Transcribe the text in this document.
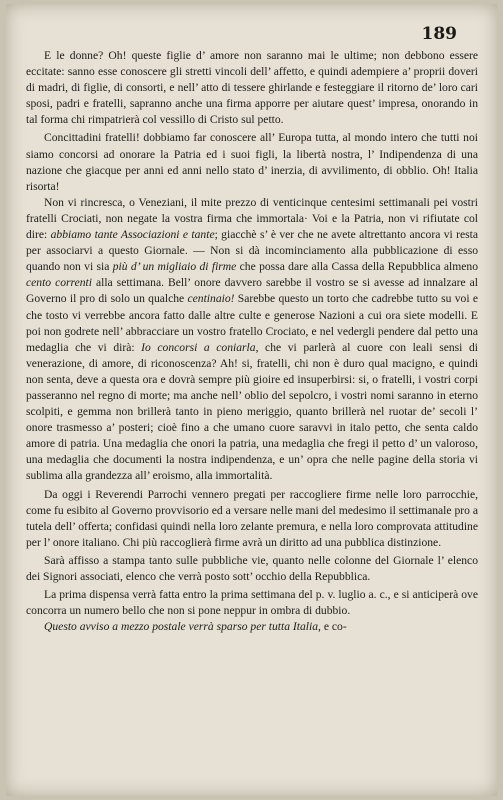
189

E le donne? Oh! queste figlie d’ amore non saranno mai le ultime; non debbono essere eccitate: sanno esse conoscere gli stretti vincoli dell’ affetto, e quindi adempiere a’ proprii doveri di madri, di figlie, di consorti, e nell’ atto di tessere ghirlande e festeggiare il ritorno de’ loro cari sposi, padri e fratelli, sapranno anche una firma apporre per aiutare quest’ impresa, onorando in tal forma chi rimpatrierà col vessillo di Cristo sul petto.

Concittadini fratelli! dobbiamo far conoscere all’ Europa tutta, al mondo intero che tutti noi siamo concorsi ad onorare la Patria ed i suoi figli, la libertà nostra, l’ Indipendenza di una nazione che giacque per anni ed anni nello stato d’ inerzia, di avvilimento, di obblio. Oh! Italia risorta!

Non vi rincresca, o Veneziani, il mite prezzo di venticinque centesimi settimanali pei vostri fratelli Crociati, non negate la vostra firma che immortala· Voi e la Patria, non vi rifiutate col dire: abbiamo tante Associazioni e tante; giacchè s’ è ver che ne avete altrettanto ancora vi resta per associarvi a questo Giornale. — Non si dà incominciamento alla pubblicazione di esso quando non vi sia più d’ un migliaio di firme che possa dare alla Cassa della Repubblica almeno cento correnti alla settimana. Bell’ onore davvero sarebbe il vostro se si avesse ad innalzare al Governo il pro di solo un qualche centinaio! Sarebbe questo un torto che cadrebbe tutto su voi e che tosto vi verrebbe ancora fatto dalle altre culte e generose Nazioni a cui ora siete modelli. E poi non godrete nell’ abbracciare un vostro fratello Crociato, e nel vedergli pendere dal petto una medaglia che vi dirà: Io concorsi a coniarla, che vi parlerà al cuore con leali sensi di venerazione, di amore, di riconoscenza? Ah! si, fratelli, chi non è duro qual macigno, e quindi non senta, deve a questa ora e dovrà sempre più gioire ed insuperbirsi: si, o fratelli, i vostri corpi passeranno nel regno di morte; ma anche nell’ oblio del sepolcro, i vostri nomi saranno in eterno scolpiti, e gemma non brillerà tanto in pieno meriggio, quanto brillerà nel ruotar de’ secoli l’ onore trasmesso a’ posteri; cioè fino a che umano cuore saravvi in italo petto, che senta caldo amore di patria. Una medaglia che onori la patria, una medaglia che fregi il petto d’ un valoroso, una medaglia che documenti la nostra indipendenza, e un’ opra che nelle pagine della storia vi sublima alla grandezza all’ eroismo, alla immortalità.

Da oggi i Reverendi Parrochi vennero pregati per raccogliere firme nelle loro parrocchie, come fu esibito al Governo provvisorio ed a versare nelle mani del medesimo il settimanale pro a tutela dell’ offerta; confidasi quindi nella loro zelante premura, e nella loro comprovata attitudine per l’ onore italiano. Chi più raccoglierà firme avrà un diritto ad una pubblica distinzione.

Sarà affisso a stampa tanto sulle pubbliche vie, quanto nelle colonne del Giornale l’ elenco dei Signori associati, elenco che verrà posto sott’ occhio della Repubblica.

La prima dispensa verrà fatta entro la prima settimana del p. v. luglio a. c., e si anticiperà ove concorra un numero bello che non si pone neppur in ombra di dubbio.

Questo avviso a mezzo postale verrà sparso per tutta Italia, e co-
